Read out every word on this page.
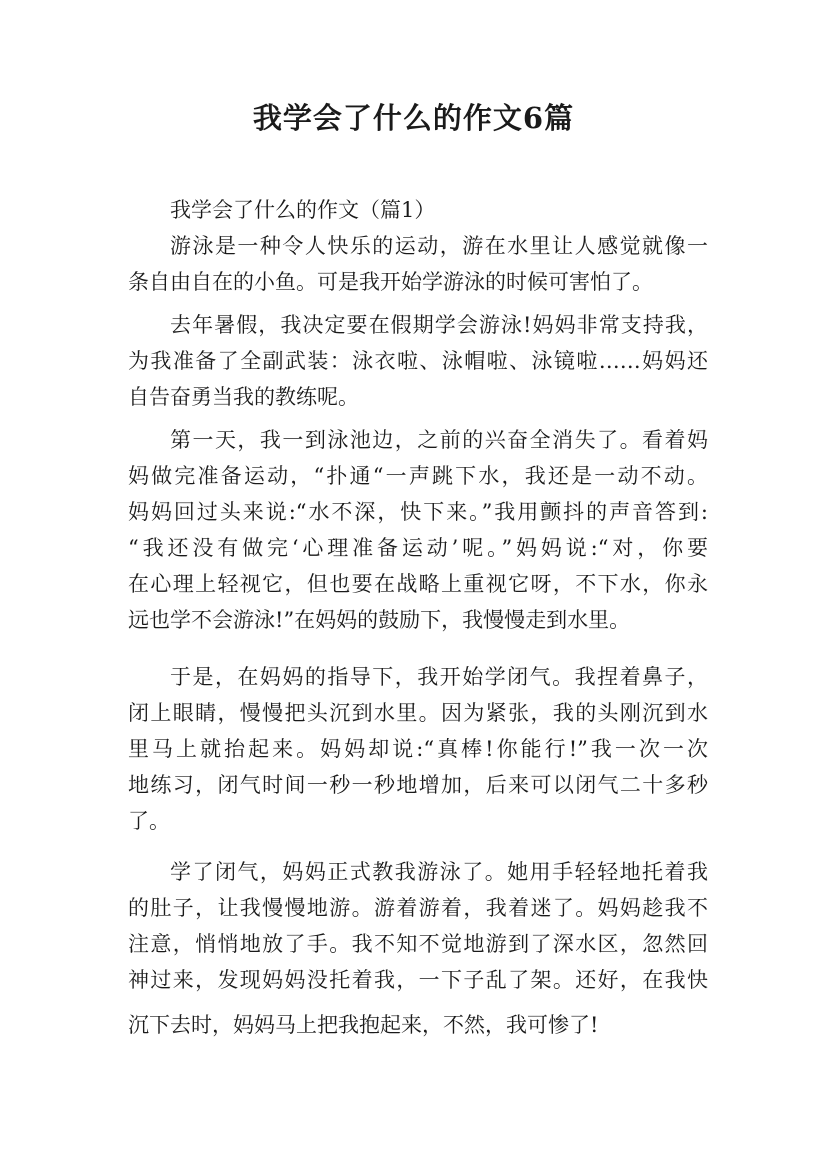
我学会了什么的作文6篇
我学会了什么的作文（篇1）
游泳是一种令人快乐的运动，游在水里让人感觉就像一
条自由自在的小鱼。可是我开始学游泳的时候可害怕了。
去年暑假，我决定要在假期学会游泳!妈妈非常支持我，
为我准备了全副武装：泳衣啦、泳帽啦、泳镜啦……妈妈还
自告奋勇当我的教练呢。
第一天，我一到泳池边，之前的兴奋全消失了。看着妈
妈做完准备运动，“扑通“一声跳下水，我还是一动不动。
妈妈回过头来说:“水不深，快下来。”我用颤抖的声音答到:
“我还没有做完‘心理准备运动’呢。”妈妈说:“对，你要
在心理上轻视它，但也要在战略上重视它呀，不下水，你永
远也学不会游泳!”在妈妈的鼓励下，我慢慢走到水里。
于是，在妈妈的指导下，我开始学闭气。我捏着鼻子，
闭上眼睛，慢慢把头沉到水里。因为紧张，我的头刚沉到水
里马上就抬起来。妈妈却说:“真棒!你能行!”我一次一次
地练习，闭气时间一秒一秒地增加，后来可以闭气二十多秒
了。
学了闭气，妈妈正式教我游泳了。她用手轻轻地托着我
的肚子，让我慢慢地游。游着游着，我着迷了。妈妈趁我不
注意，悄悄地放了手。我不知不觉地游到了深水区，忽然回
神过来，发现妈妈没托着我，一下子乱了架。还好，在我快
沉下去时，妈妈马上把我抱起来，不然，我可惨了!
